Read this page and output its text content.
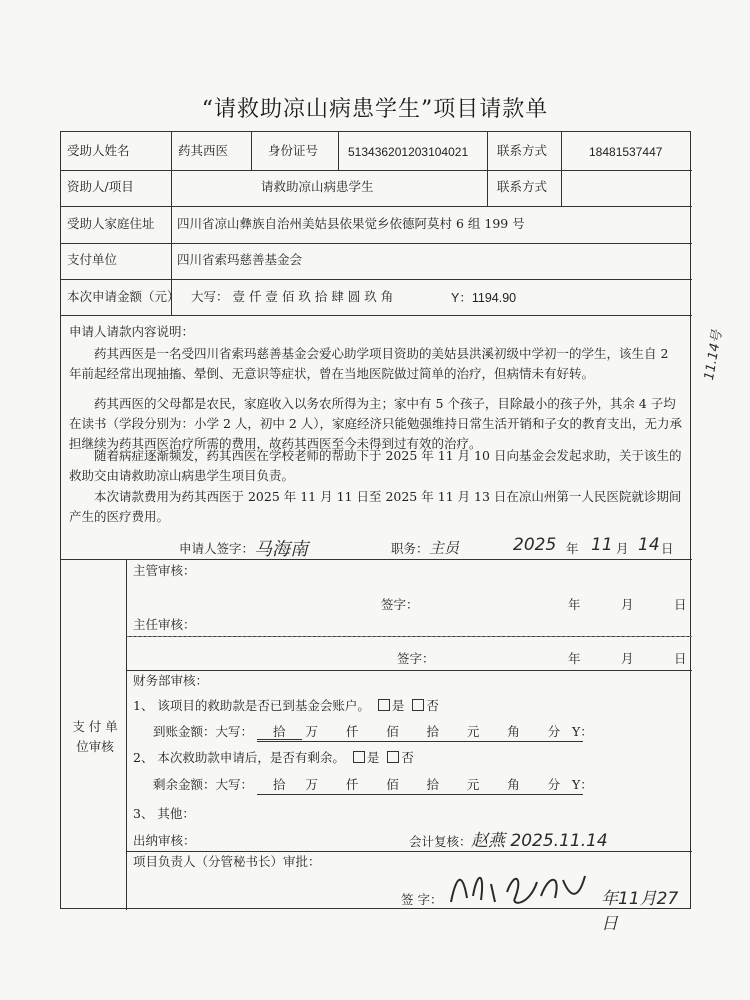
“请救助凉山病患学生”项目请款单
受助人姓名	药其西医	身份证号 513436201203104021 联系方式	18481537447
资助人/项目	请救助凉山病患学生	联系方式
受助人家庭住址 四川省凉山彝族自治州美姑县依果觉乡依德阿莫村 6 组 199 号
支付单位	四川省索玛慈善基金会
本次申请金额（元） 大写： 壹 仟 壹 佰 玖 拾 肆 圆 玖 角	Y：1194.90
申请人请款内容说明：

药其西医是一名受四川省索玛慈善基金会爱心助学项目资助的美姑县洪溪初级中学初一的学生，该生自 2 年前起经常出现抽搐、晕倒、无意识等症状，曾在当地医院做过简单的治疗，但病情未有好转。

药其西医的父母都是农民，家庭收入以务农所得为主；家中有 5 个孩子，目除最小的孩子外，其余 4 子均在读书（学段分别为：小学 2 人，初中 2 人），家庭经济只能勉强维持日常生活开销和子女的教育支出，无力承担继续为药其西医治疗所需的费用，故药其西医至今未得到过有效的治疗。

随着病症逐渐频发，药其西医在学校老师的帮助下于 2025 年 11 月 10 日向基金会发起求助，关于该生的救助交由请救助凉山病患学生项目负责。

本次请款费用为药其西医于 2025 年 11 月 11 日至 2025 年 11 月 13 日在凉山州第一人民医院就诊期间产生的医疗费用。

申请人签字： 马海南	职务： 主员	2025 年 11 月 14 日
支 付 单 位审核
主管审核：
签字：	年	月	日
主任审核：
签字：	年	月	日
财务部审核：
1、 该项目的救助款是否已到基金会账户。 是 否
到账金额：大写： 拾 万 仟 佰 拾 元 角 分 Y：
2、 本次救助款申请后，是否有剩余。 是 否
剩余金额：大写： 拾 万 仟 佰 拾 元 角 分 Y：
3、 其他：
出纳审核：	会计复核： 赵燕 2025.11.14
项目负责人（分管秘书长）审批：
签 字：	年11月27日
11.14号
